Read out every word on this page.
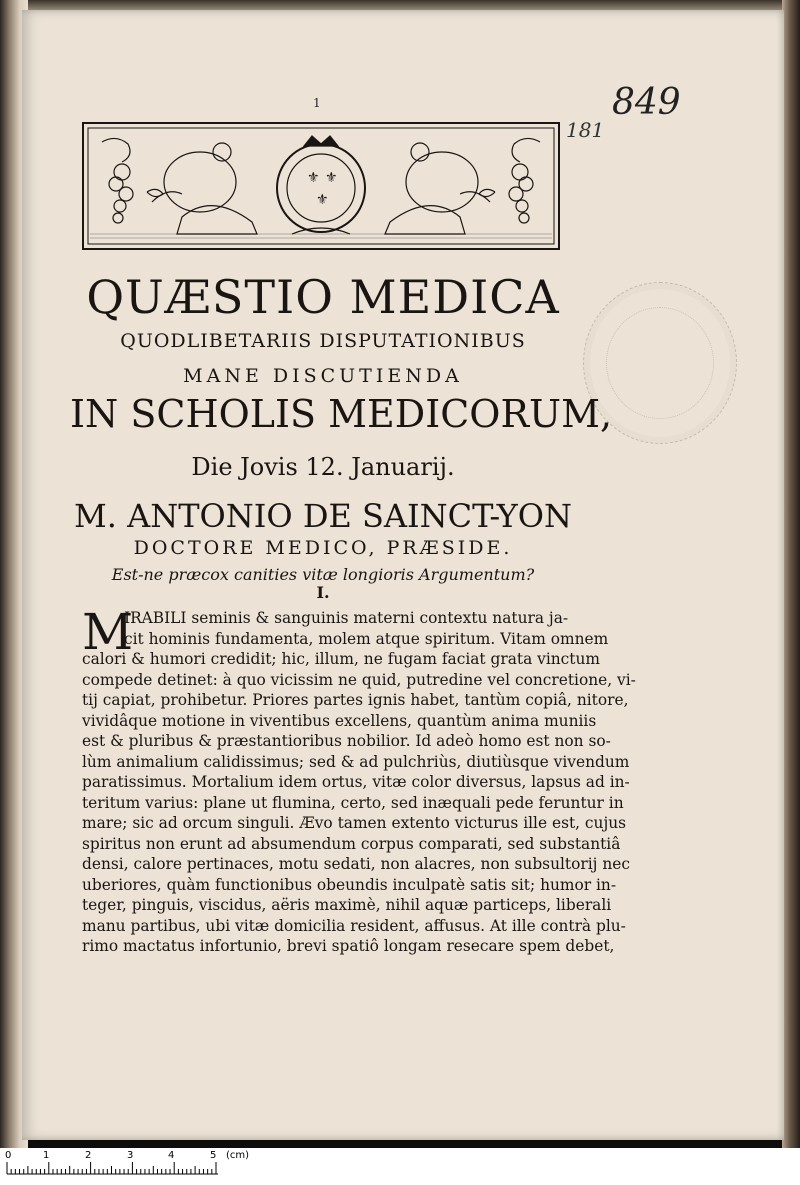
1	849
181
⚜ ⚜
⚜
QUÆSTIO MEDICA
QUODLIBETARIIS DISPUTATIONIBUS
MANE DISCUTIENDA
IN SCHOLIS MEDICORUM,
Die Jovis 12. Januarij.
M. ANTONIO DE SAINCT-YON
DOCTORE MEDICO, PRÆSIDE.
Est-ne præcox canities vitæ longioris Argumentum?
I.
M
IRABILI seminis & sanguinis materni contextu natura ja-
cit hominis fundamenta, molem atque spiritum. Vitam omnem
calori & humori credidit; hic, illum, ne fugam faciat grata vinctum
compede detinet: à quo vicissim ne quid, putredine vel concretione, vi-
tij capiat, prohibetur. Priores partes ignis habet, tantùm copiâ, nitore,
vividâque motione in viventibus excellens, quantùm anima muniis
est & pluribus & præstantioribus nobilior. Id adeò homo est non so-
lùm animalium calidissimus; sed & ad pulchriùs, diutiùsque vivendum
paratissimus. Mortalium idem ortus, vitæ color diversus, lapsus ad in-
teritum varius: plane ut flumina, certo, sed inæquali pede feruntur in
mare; sic ad orcum singuli. Ævo tamen extento victurus ille est, cujus
spiritus non erunt ad absumendum corpus comparati, sed substantiâ
densi, calore pertinaces, motu sedati, non alacres, non subsultorij nec
uberiores, quàm functionibus obeundis inculpatè satis sit; humor in-
teger, pinguis, viscidus, aëris maximè, nihil aquæ particeps, liberali
manu partibus, ubi vitæ domicilia resident, affusus. At ille contrà plu-
rimo mactatus infortunio, brevi spatiô longam resecare spem debet,
0	1	2	3	4	5 (cm)
